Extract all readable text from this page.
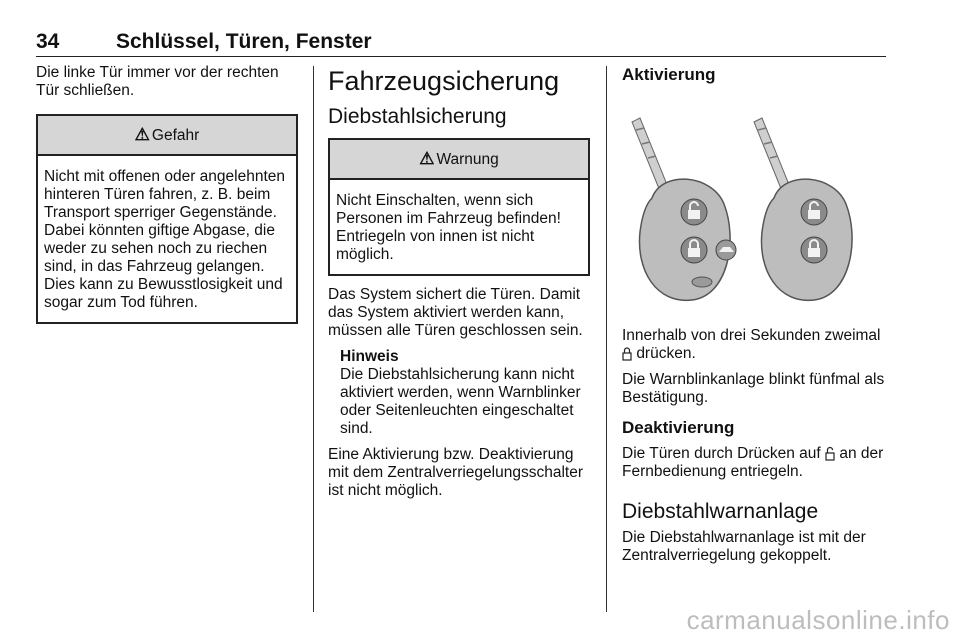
34	Schlüssel, Türen, Fenster

Die linke Tür immer vor der rechten Tür schließen.

⚠ Gefahr
Nicht mit offenen oder angelehnten hinteren Türen fahren, z. B. beim Transport sperriger Gegenstände. Dabei könnten giftige Abgase, die weder zu sehen noch zu riechen sind, in das Fahrzeug gelangen. Dies kann zu Bewusstlosigkeit und sogar zum Tod führen.
Fahrzeugsicherung
Diebstahlsicherung
⚠ Warnung
Nicht Einschalten, wenn sich Personen im Fahrzeug befinden! Entriegeln von innen ist nicht möglich.

Das System sichert die Türen. Damit das System aktiviert werden kann, müssen alle Türen geschlossen sein.

Hinweis
Die Diebstahlsicherung kann nicht aktiviert werden, wenn Warnblinker oder Seitenleuchten eingeschaltet sind.

Eine Aktivierung bzw. Deaktivierung mit dem Zentralverriegelungsschalter ist nicht möglich.

Aktivierung

Innerhalb von drei Sekunden zweimal  drücken.

Die Warnblinkanlage blinkt fünfmal als Bestätigung.

Deaktivierung

Die Türen durch Drücken auf an der Fernbedienung entriegeln.

Diebstahlwarnanlage

Die Diebstahlwarnanlage ist mit der Zentralverriegelung gekoppelt.

carmanualsonline.info
